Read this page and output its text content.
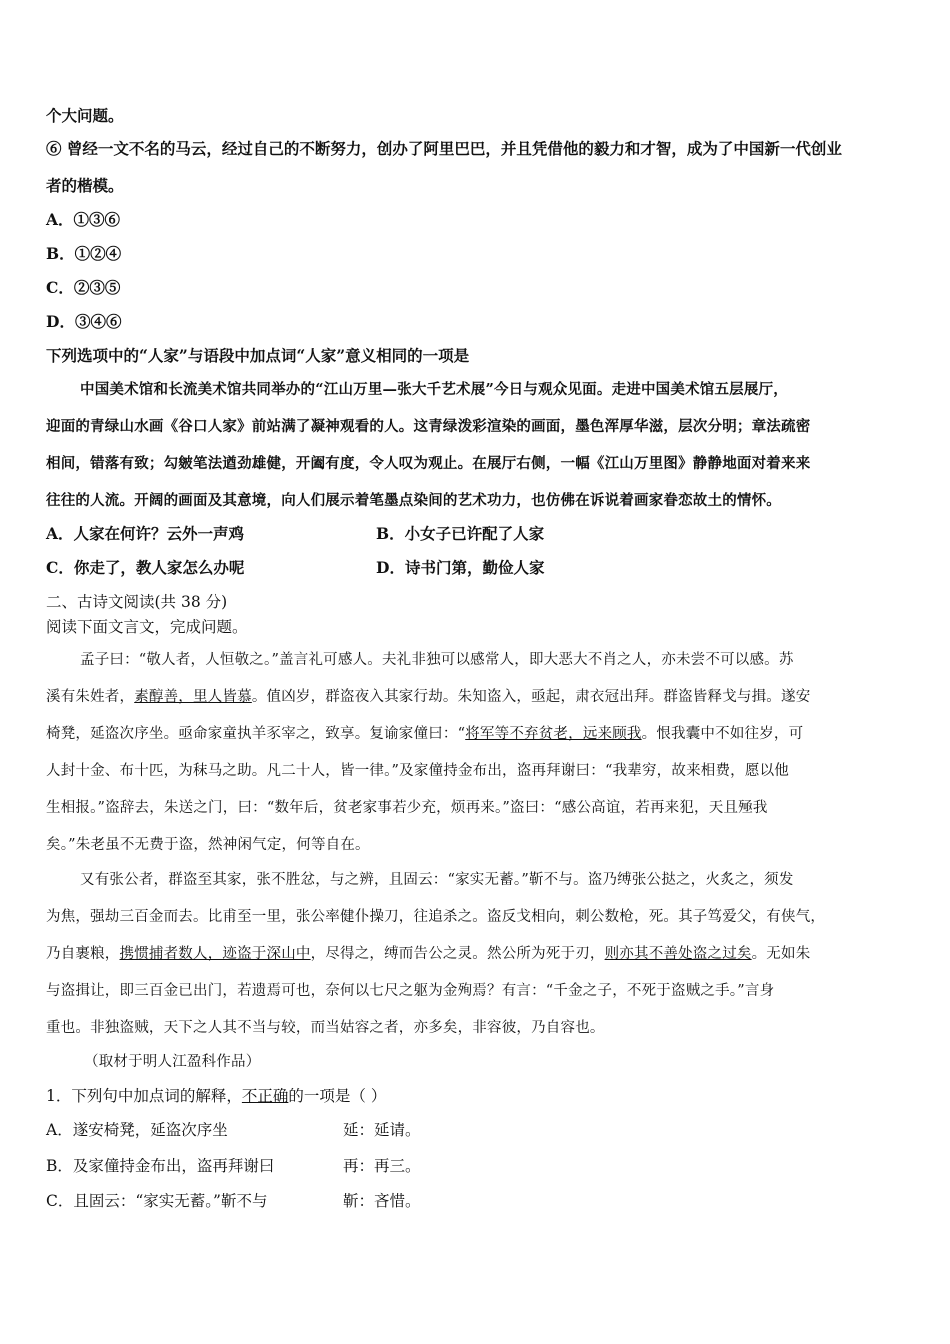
个大问题。
⑥ 曾经一文不名的马云，经过自己的不断努力，创办了阿里巴巴，并且凭借他的毅力和才智，成为了中国新一代创业
者的楷模。
A．①③⑥
B．①②④
C．②③⑤
D．③④⑥
下列选项中的“人家”与语段中加点词“人家”意义相同的一项是
中国美术馆和长流美术馆共同举办的“江山万里—张大千艺术展”今日与观众见面。走进中国美术馆五层展厅，
迎面的青绿山水画《谷口人家》前站满了凝神观看的人。这青绿泼彩渲染的画面，墨色浑厚华滋，层次分明；章法疏密
相间，错落有致；勾皴笔法遒劲雄健，开阖有度，令人叹为观止。在展厅右侧，一幅《江山万里图》静静地面对着来来
往往的人流。开阔的画面及其意境，向人们展示着笔墨点染间的艺术功力，也仿佛在诉说着画家眷恋故土的情怀。
A．人家在何许？云外一声鸡	B．小女子已许配了人家
C．你走了，教人家怎么办呢	D．诗书门第，勤俭人家
二、古诗文阅读(共 38 分)
阅读下面文言文，完成问题。
孟子曰：“敬人者，人恒敬之。”盖言礼可感人。夫礼非独可以感常人，即大恶大不肖之人，亦未尝不可以感。苏
溪有朱姓者，素醇善，里人皆慕。值凶岁，群盗夜入其家行劫。朱知盗入，亟起，肃衣冠出拜。群盗皆释戈与揖。遂安
椅凳，延盗次序坐。亟命家童执羊豕宰之，致享。复谕家僮曰：“将军等不弃贫老，远来顾我。恨我囊中不如往岁，可
人封十金、布十匹，为秣马之助。凡二十人，皆一律。”及家僮持金布出，盗再拜谢曰：“我辈穷，故来相费，愿以他
生相报。”盗辞去，朱送之门，曰：“数年后，贫老家事若少充，烦再来。”盗曰：“感公高谊，若再来犯，天且殛我
矣。”朱老虽不无费于盗，然神闲气定，何等自在。
又有张公者，群盗至其家，张不胜忿，与之辨，且固云：“家实无蓄。”靳不与。盗乃缚张公挞之，火炙之，须发
为焦，强劫三百金而去。比甫至一里，张公率健仆操刀，往追杀之。盗反戈相向，刺公数枪，死。其子笃爱父，有侠气，
乃自裹粮，携惯捕者数人，迹盗于深山中，尽得之，缚而告公之灵。然公所为死于刃，则亦其不善处盗之过矣。无如朱
与盗揖让，即三百金已出门，若遗焉可也，奈何以七尺之躯为金殉焉？有言：“千金之子，不死于盗贼之手。”言身
重也。非独盗贼，天下之人其不当与较，而当姑容之者，亦多矣，非容彼，乃自容也。
（取材于明人江盈科作品）
1．下列句中加点词的解释，不正确的一项是（ ）
A．遂安椅凳，延盗次序坐	延：延请。
B．及家僮持金布出，盗再拜谢曰	再：再三。
C．且固云：“家实无蓄。”靳不与	靳：吝惜。
